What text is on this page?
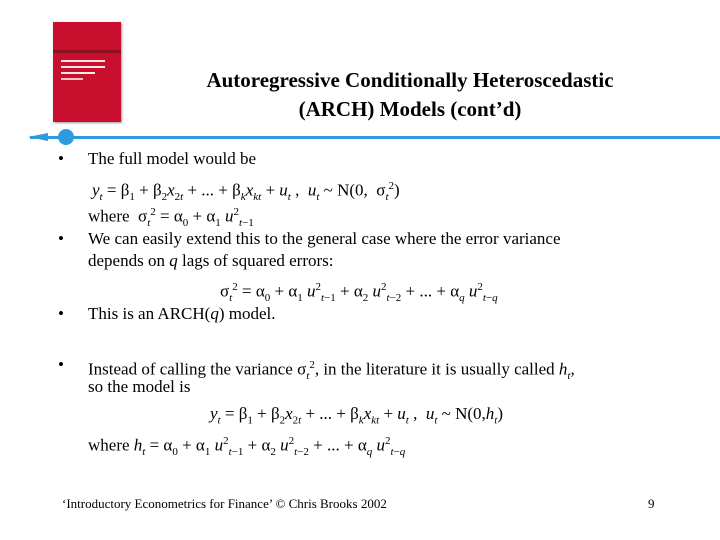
Autoregressive Conditionally Heteroscedastic
(ARCH) Models (cont’d)
• The full model would be
$y_t = \beta_1 + \beta_2x_{2t}$ + ... + $\beta_kx_{kt} + u_t$ ,  $u_t$ ~ N(0,  $\sigma_t^2$)
where  $\sigma_t^2 = \alpha_0 + \alpha_1$ $u^2_{t-1}$
• We can easily extend this to the general case where the error variance
depends on q lags of squared errors:
$\sigma_t^2 = \alpha_0 + \alpha_1$ $u^2_{t-1} + \alpha_2$ $u^2_{t-2}$ + ... + $\alpha_q$ $u^2_{t-q}$
• This is an ARCH(q) model.
• Instead of calling the variance $\sigma_t^2$, in the literature it is usually called $h_t$,
so the model is
$y_t = \beta_1 + \beta_2x_{2t}$ + ... + $\beta_kx_{kt} + u_t$ ,  $u_t$ ~ $N(0,h_t)$
where $h_t = \alpha_0 + \alpha_1$ $u^2_{t-1} + \alpha_2$ $u^2_{t-2}$ + ... + $\alpha_q$ $u^2_{t-q}$
‘Introductory Econometrics for Finance’ © Chris Brooks 2002	9
